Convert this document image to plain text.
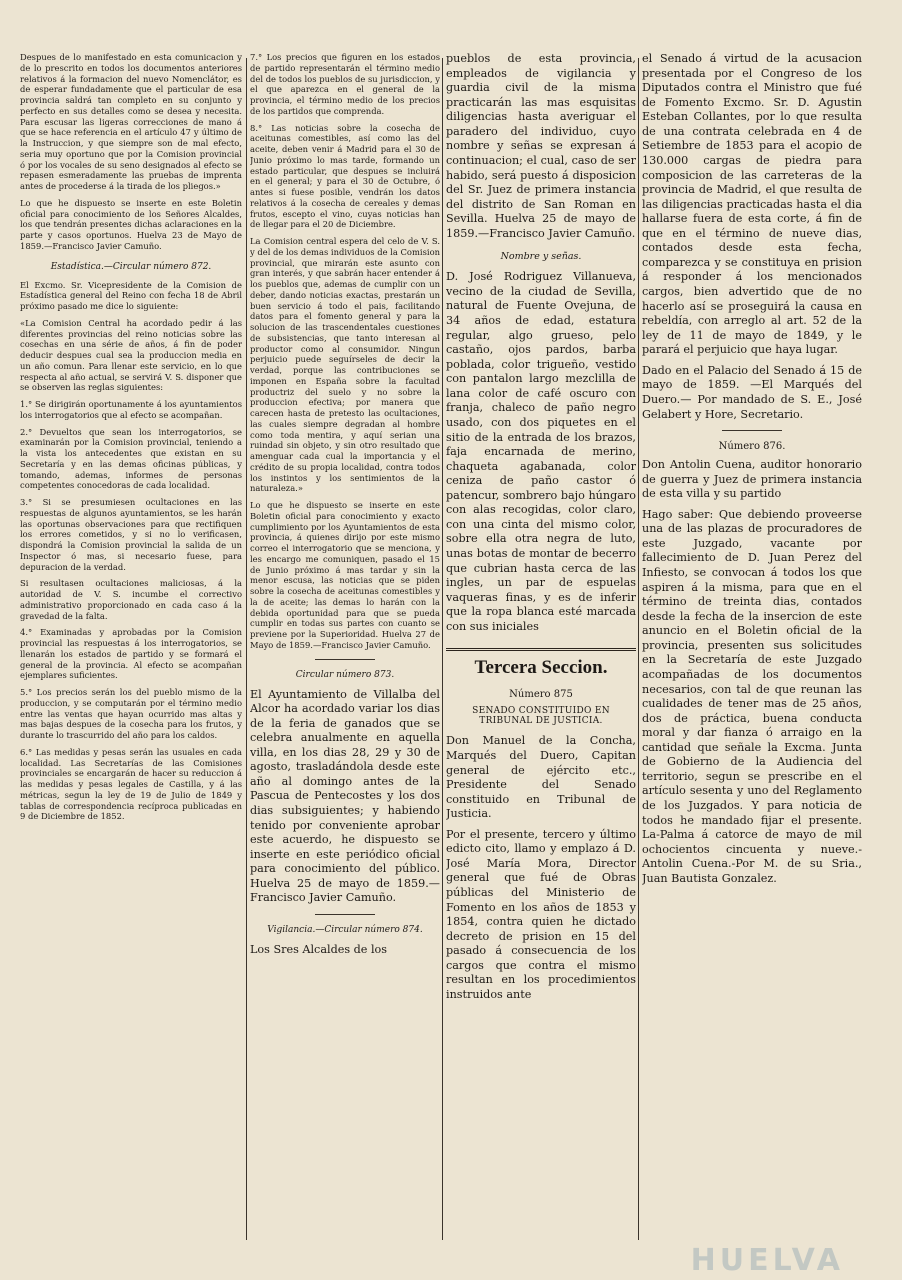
Despues de lo manifestado en esta comunicacion y de lo prescrito en todos los documentos anteriores relativos á la formacion del nuevo Nomenclátor, es de esperar fundadamente que el particular de esa provincia saldrá tan completo en su conjunto y perfecto en sus detalles como se desea y necesita. Para escusar las ligeras correcciones de mano á que se hace referencia en el artículo 47 y último de la Instruccion, y que siempre son de mal efecto, seria muy oportuno que por la Comision provincial ó por los vocales de su seno designados al efecto se repasen esmeradamente las pruebas de imprenta antes de procederse á la tirada de los pliegos.»

Lo que he dispuesto se inserte en este Boletin oficial para conocimiento de los Señores Alcaldes, los que tendrán presentes dichas aclaraciones en la parte y casos oportunos. Huelva 23 de Mayo de 1859.—Francisco Javier Camuño.

Estadística.—Circular número 872.

El Excmo. Sr. Vicepresidente de la Comision de Estadística general del Reino con fecha 18 de Abril próximo pasado me dice lo siguiente:

«La Comision Central ha acordado pedir á las diferentes provincias del reino noticias sobre las cosechas en una série de años, á fin de poder deducir despues cual sea la produccion media en un año comun. Para llenar este servicio, en lo que respecta al año actual, se servirá V. S. disponer que se observen las reglas siguientes:

1.° Se dirigirán oportunamente á los ayuntamientos los interrogatorios que al efecto se acompañan.

2.° Devueltos que sean los interrogatorios, se examinarán por la Comision provincial, teniendo a la vista los antecedentes que existan en su Secretaría y en las demas oficinas públicas, y tomando, ademas, informes de personas competentes conocedoras de cada localidad.

3.° Si se presumiesen ocultaciones en las respuestas de algunos ayuntamientos, se les harán las oportunas observaciones para que rectifiquen los errores cometidos, y si no lo verificasen, dispondrá la Comision provincial la salida de un Inspector ó mas, si necesario fuese, para depuracion de la verdad.

Si resultasen ocultaciones maliciosas, á la autoridad de V. S. incumbe el correctivo administrativo proporcionado en cada caso á la gravedad de la falta.

4.° Examinadas y aprobadas por la Comision provincial las respuestas á los interrogatorios, se llenarán los estados de partido y se formará el general de la provincia. Al efecto se acompañan ejemplares suficientes.

5.° Los precios serán los del pueblo mismo de la produccion, y se computarán por el término medio entre las ventas que hayan ocurrido mas altas y mas bajas despues de la cosecha para los frutos, y durante lo trascurrido del año para los caldos.

6.° Las medidas y pesas serán las usuales en cada localidad. Las Secretarías de las Comisiones provinciales se encargarán de hacer su reduccion á las medidas y pesas legales de Castilla, y á las métricas, segun la ley de 19 de Julio de 1849 y tablas de correspondencia recíproca publicadas en 9 de Diciembre de 1852.

7.° Los precios que figuren en los estados de partido representarán el término medio del de todos los pueblos de su jurisdiccion, y el que aparezca en el general de la provincia, el término medio de los precios de los partidos que comprenda.

8.° Las noticias sobre la cosecha de aceitunas comestibles, así como las del aceite, deben venir á Madrid para el 30 de Junio próximo lo mas tarde, formando un estado particular, que despues se incluirá en el general; y para el 30 de Octubre, ó antes si fuese posible, vendrán los datos relativos á la cosecha de cereales y demas frutos, escepto el vino, cuyas noticias han de llegar para el 20 de Diciembre.

La Comision central espera del celo de V. S. y del de los demas individuos de la Comision provincial, que mirarán este asunto con gran interés, y que sabrán hacer entender á los pueblos que, ademas de cumplir con un deber, dando noticias exactas, prestarán un buen servicio á todo el pais, facilitando datos para el fomento general y para la solucion de las trascendentales cuestiones de subsistencias, que tanto interesan al productor como al consumidor. Ningun perjuicio puede seguírseles de decir la verdad, porque las contribuciones se imponen en España sobre la facultad productriz del suelo y no sobre la produccion efectiva; por manera que carecen hasta de pretesto las ocultaciones, las cuales siempre degradan al hombre como toda mentira, y aquí serian una ruindad sin objeto, y sin otro resultado que amenguar cada cual la importancia y el crédito de su propia localidad, contra todos los instintos y los sentimientos de la naturaleza.»

Lo que he dispuesto se inserte en este Boletin oficial para conocimiento y exacto cumplimiento por los Ayuntamientos de esta provincia, á quienes dirijo por este mismo correo el interrogatorio que se menciona, y les encargo me comuniquen, pasado el 15 de Junio próximo á mas tardar y sin la menor escusa, las noticias que se piden sobre la cosecha de aceitunas comestibles y la de aceite; las demas lo harán con la debida oportunidad para que se pueda cumplir en todas sus partes con cuanto se previene por la Superioridad. Huelva 27 de Mayo de 1859.—Francisco Javier Camuño.

Circular número 873.

El Ayuntamiento de Villalba del Alcor ha acordado variar los dias de la feria de ganados que se celebra anualmente en aquella villa, en los dias 28, 29 y 30 de agosto, trasladándola desde este año al domingo antes de la Pascua de Pentecostes y los dos dias subsiguientes; y habiendo tenido por conveniente aprobar este acuerdo, he dispuesto se inserte en este periódico oficial para conocimiento del público. Huelva 25 de mayo de 1859.—Francisco Javier Camuño.

Vigilancia.—Circular número 874.

Los Sres Alcaldes de los

pueblos de esta provincia, empleados de vigilancia y guardia civil de la misma practicarán las mas esquisitas diligencias hasta averiguar el paradero del individuo, cuyo nombre y señas se expresan á continuacion; el cual, caso de ser habido, será puesto á disposicion del Sr. Juez de primera instancia del distrito de San Roman en Sevilla. Huelva 25 de mayo de 1859.—Francisco Javier Camuño.

Nombre y señas.

D. José Rodriguez Villanueva, vecino de la ciudad de Sevilla, natural de Fuente Ovejuna, de 34 años de edad, estatura regular, algo grueso, pelo castaño, ojos pardos, barba poblada, color trigueño, vestido con pantalon largo mezclilla de lana color de café oscuro con franja, chaleco de paño negro usado, con dos piquetes en el sitio de la entrada de los brazos, faja encarnada de merino, chaqueta agabanada, color ceniza de paño castor ó patencur, sombrero bajo húngaro con alas recogidas, color claro, con una cinta del mismo color, sobre ella otra negra de luto, unas botas de montar de becerro que cubrian hasta cerca de las ingles, un par de espuelas vaqueras finas, y es de inferir que la ropa blanca esté marcada con sus iniciales

Tercera Seccion.
Número 875
SENADO CONSTITUIDO EN TRIBUNAL DE JUSTICIA.

Don Manuel de la Concha, Marqués del Duero, Capitan general de ejército etc., Presidente del Senado constituido en Tribunal de Justicia.

Por el presente, tercero y último edicto cito, llamo y emplazo á D. José María Mora, Director general que fué de Obras públicas del Ministerio de Fomento en los años de 1853 y 1854, contra quien he dictado decreto de prision en 15 del pasado á consecuencia de los cargos que contra el mismo resultan en los procedimientos instruidos ante

el Senado á virtud de la acusacion presentada por el Congreso de los Diputados contra el Ministro que fué de Fomento Excmo. Sr. D. Agustin Esteban Collantes, por lo que resulta de una contrata celebrada en 4 de Setiembre de 1853 para el acopio de 130.000 cargas de piedra para composicion de las carreteras de la provincia de Madrid, el que resulta de las diligencias practicadas hasta el dia hallarse fuera de esta corte, á fin de que en el término de nueve dias, contados desde esta fecha, comparezca y se constituya en prision á responder á los mencionados cargos, bien advertido que de no hacerlo así se proseguirá la causa en rebeldía, con arreglo al art. 52 de la ley de 11 de mayo de 1849, y le parará el perjuicio que haya lugar.

Dado en el Palacio del Senado á 15 de mayo de 1859. —El Marqués del Duero.— Por mandado de S. E., José Gelabert y Hore, Secretario.

Número 876.

Don Antolin Cuena, auditor honorario de guerra y Juez de primera instancia de esta villa y su partido

Hago saber: Que debiendo proveerse una de las plazas de procuradores de este Juzgado, vacante por fallecimiento de D. Juan Perez del Infiesto, se convocan á todos los que aspiren á la misma, para que en el término de treinta dias, contados desde la fecha de la insercion de este anuncio en el Boletin oficial de la provincia, presenten sus solicitudes en la Secretaría de este Juzgado acompañadas de los documentos necesarios, con tal de que reunan las cualidades de tener mas de 25 años, dos de práctica, buena conducta moral y dar fianza ó arraigo en la cantidad que señale la Excma. Junta de Gobierno de la Audiencia del territorio, segun se prescribe en el artículo sesenta y uno del Reglamento de los Juzgados. Y para noticia de todos he mandado fijar el presente. La-Palma á catorce de mayo de mil ochocientos cincuenta y nueve.-Antolin Cuena.-Por M. de su Sria., Juan Bautista Gonzalez.

HUELVA
